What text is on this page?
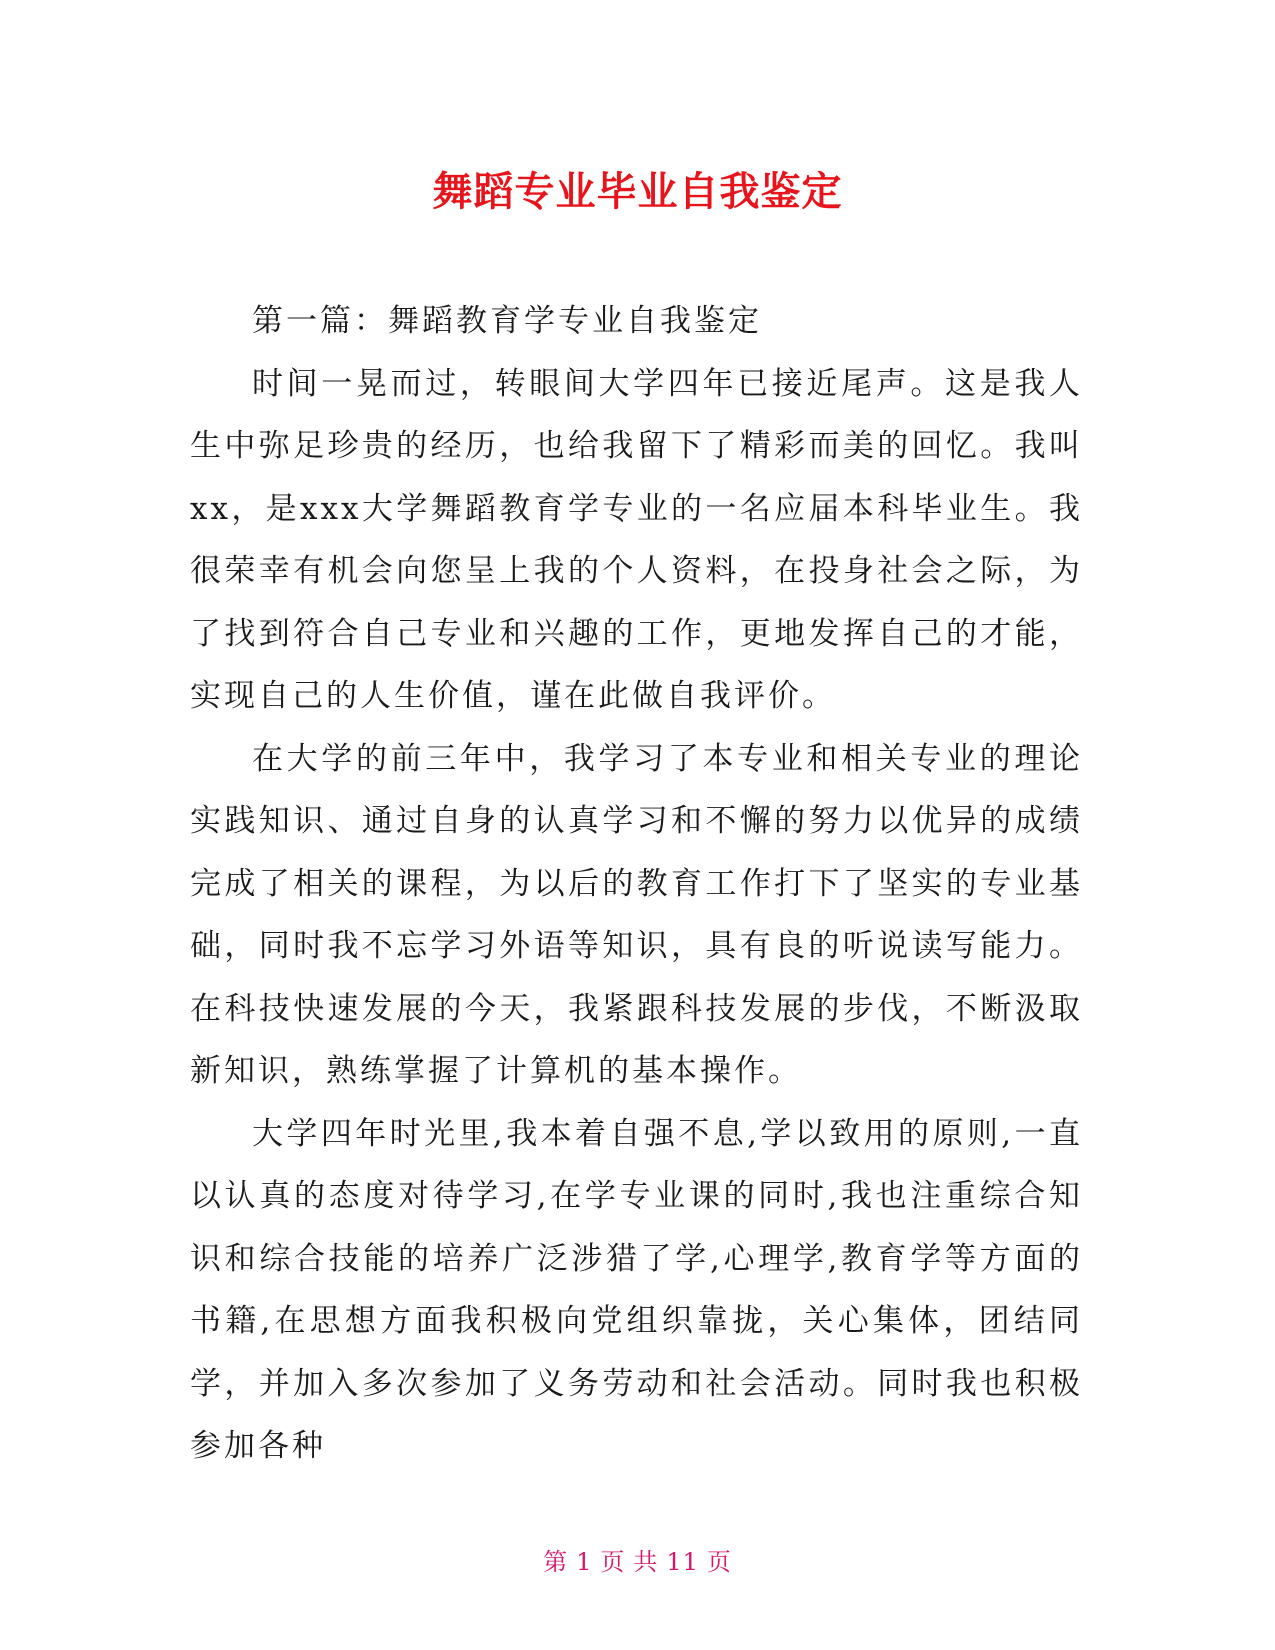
舞蹈专业毕业自我鉴定

第一篇：舞蹈教育学专业自我鉴定

时间一晃而过，转眼间大学四年已接近尾声。这是我人生中弥足珍贵的经历，也给我留下了精彩而美的回忆。我叫xx，是xxx大学舞蹈教育学专业的一名应届本科毕业生。我很荣幸有机会向您呈上我的个人资料，在投身社会之际，为了找到符合自己专业和兴趣的工作，更地发挥自己的才能，实现自己的人生价值，谨在此做自我评价。

在大学的前三年中，我学习了本专业和相关专业的理论实践知识、通过自身的认真学习和不懈的努力以优异的成绩完成了相关的课程，为以后的教育工作打下了坚实的专业基础，同时我不忘学习外语等知识，具有良的听说读写能力。在科技快速发展的今天，我紧跟科技发展的步伐，不断汲取新知识，熟练掌握了计算机的基本操作。

大学四年时光里,我本着自强不息,学以致用的原则,一直以认真的态度对待学习,在学专业课的同时,我也注重综合知识和综合技能的培养广泛涉猎了学,心理学,教育学等方面的书籍,在思想方面我积极向党组织靠拢，关心集体，团结同学，并加入多次参加了义务劳动和社会活动。同时我也积极参加各种

第 1 页 共 11 页
